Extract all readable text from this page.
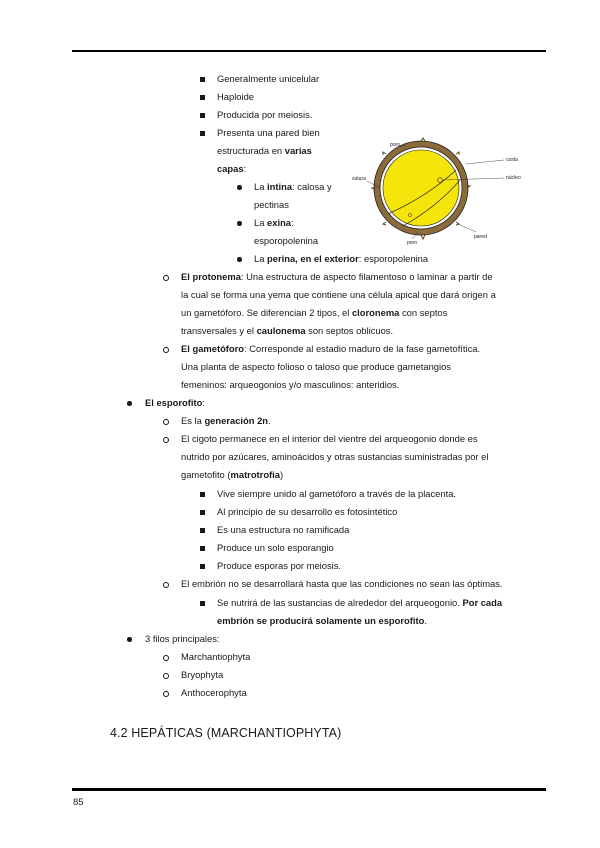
Generalmente unicelular
Haploide
Producida por meiosis.
Presenta una pared bien
estructurada en varias
capas:
La intina: calosa y
pectinas
La exina:
esporopolenina
La perina, en el exterior: esporopolenina
poro
costa
núcleo
sutura
pared
poro
El protonema: Una estructura de aspecto filamentoso o laminar a partir de
la cual se forma una yema que contiene una célula apical que dará origen a
un gametóforo. Se diferencian 2 tipos, el cloronema con septos
transversales y el caulonema son septos oblicuos.
El gametóforo: Corresponde al estadio maduro de la fase gametofítica.
Una planta de aspecto folioso o taloso que produce gametangios
femeninos: arqueogonios y/o masculinos: anteridios.
El esporofito:
Es la generación 2n.
El cigoto permanece en el interior del vientre del arqueogonio donde es
nutrido por azúcares, aminoácidos y otras sustancias suministradas por el
gametofito (matrotrofia)
Vive siempre unido al gametóforo a través de la placenta.
Al principio de su desarrollo es fotosintético
Es una estructura no ramificada
Produce un solo esporangio
Produce esporas por meiosis.
El embrión no se desarrollará hasta que las condiciones no sean las óptimas.
Se nutrirá de las sustancias de alrededor del arqueogonio. Por cada
embrión se producirá solamente un esporofito.
3 filos principales:
Marchantiophyta
Bryophyta
Anthocerophyta
4.2 HEPÁTICAS (MARCHANTIOPHYTA)
85
